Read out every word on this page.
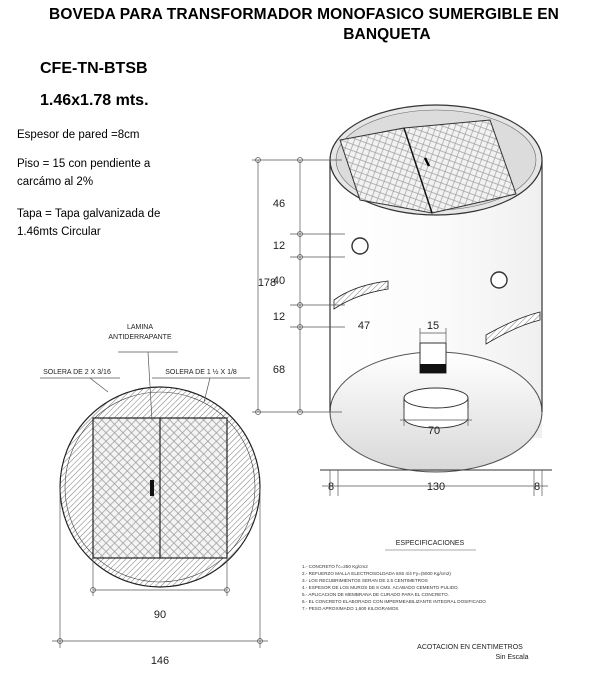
BOVEDA PARA TRANSFORMADOR MONOFASICO SUMERGIBLE EN
BANQUETA
CFE-TN-BTSB
1.46x1.78 mts.
Espesor de pared =8cm
Piso = 15 con pendiente a
carcámo al 2%
Tapa = Tapa galvanizada de
1.46mts Circular
178
46
12
40
12
68
47	15
70
8	130	8
LAMINA
ANTIDERRAPANTE
SOLERA DE 2 X 3/16	SOLERA DE 1 ½ X 1/8
90
146
ESPECIFICACIONES
1.- CONCRETO f'c=250 Kg/cm2
2.- REFUERZO MALLA ELECTROSOLDADA 6X6 4/4 Fy=(5000 Kg/cm2)
3.- LOS RECUBRIMIENTOS SERAN DE 2.5 CENTIMETROS
4.- ESPESOR DE LOS MUROS DE 8 CMS. ACABADO CEMENTO PULIDO.
5.- APLICACION DE MEMBRANA DE CURADO PARA EL CONCRETO.
6.- EL CONCRETO ELABORADO CON IMPERMEABILIZANTE INTEGRAL DOSIFICADO
7.- PESO APROXIMADO 1,600 KILOGRAMOS
ACOTACION EN CENTIMETROS
Sin Escala
